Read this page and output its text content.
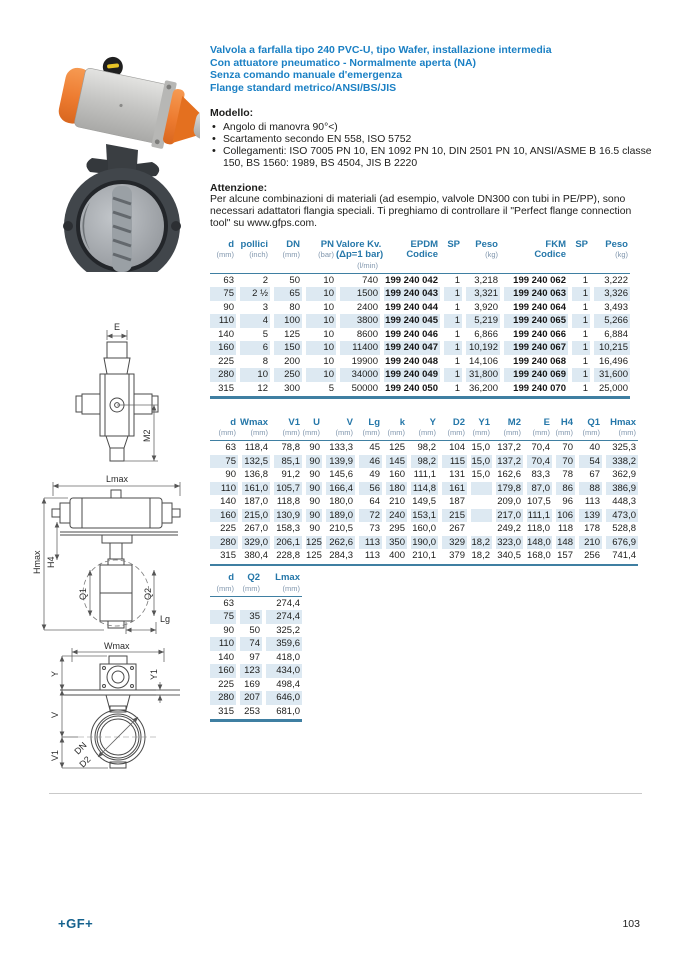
E
M2
Lmax
Hmax H4
Q1	Q2
Lg
Wmax
Y	Y1
V
V1 DN
D2
Valvola a farfalla tipo 240 PVC-U, tipo Wafer, installazione intermedia
Con attuatore pneumatico - Normalmente aperta (NA)
Senza comando manuale d'emergenza
Flange standard metrico/ANSI/BS/JIS
Modello:
• Angolo di manovra 90°<)
• Scartamento secondo EN 558, ISO 5752
• Collegamenti: ISO 7005 PN 10, EN 1092 PN 10, DIN 2501 PN 10, ANSI/ASME B 16.5 classe 150, BS 1560: 1989, BS 4504, JIS B 2220
Attenzione:
Per alcune combinazioni di materiali (ad esempio, valvole DN300 con tubi in PE/PP), sono necessari adattatori flangia speciali. Ti preghiamo di controllare il "Perfect flange connection tool" su www.gfps.com.
d
(mm)

pollici
(inch)

DN
(mm)

PN
(bar)

Valore Kv.
(Δp=1 bar)
(l/min)

EPDM
Codice

SP	Peso
(kg)

FKM
Codice

SP	Peso
(kg)

63	2	50	10	740	199 240 042	1	3,218	199 240 062	1	3,222
75	2 ½	65	10	1500	199 240 043	1	3,321	199 240 063	1	3,326
90	3	80	10	2400	199 240 044	1	3,920	199 240 064	1	3,493
110	4	100	10	3800	199 240 045	1	5,219	199 240 065	1	5,266
140	5	125	10	8600	199 240 046	1	6,866	199 240 066	1	6,884
160	6	150	10	11400	199 240 047	1	10,192	199 240 067	1	10,215
225	8	200	10	19900	199 240 048	1	14,106	199 240 068	1	16,496
280	10	250	10	34000	199 240 049	1	31,800	199 240 069	1	31,600
315	12	300	5	50000	199 240 050	1	36,200	199 240 070	1	25,000
d
(mm)

Wmax
(mm)

V1
(mm)

U
(mm)

V
(mm)

Lg
(mm)

k
(mm)

Y
(mm)

D2
(mm)

Y1
(mm)

M2
(mm)

E
(mm)

H4
(mm)

Q1
(mm)

Hmax
(mm)

63	118,4	78,8	90	133,3	45	125	98,2	104	15,0	137,2	70,4	70	40	325,3
75	132,5	85,1	90	139,9	46	145	98,2	115	15,0	137,2	70,4	70	54	338,2
90	136,8	91,2	90	145,6	49	160	111,1	131	15,0	162,6	83,3	78	67	362,9
110	161,0	105,7	90	166,4	56	180	114,8	161		179,8	87,0	86	88	386,9
140	187,0	118,8	90	180,0	64	210	149,5	187		209,0	107,5	96	113	448,3
160	215,0	130,9	90	189,0	72	240	153,1	215		217,0	111,1	106	139	473,0
225	267,0	158,3	90	210,5	73	295	160,0	267		249,2	118,0	118	178	528,8
280	329,0	206,1	125	262,6	113	350	190,0	329	18,2	323,0	148,0	148	210	676,9
315	380,4	228,8	125	284,3	113	400	210,1	379	18,2	340,5	168,0	157	256	741,4
d
(mm)

Q2
(mm)

Lmax
(mm)

63		274,4
75	35	274,4
90	50	325,2
110	74	359,6
140	97	418,0
160	123	434,0
225	169	498,4
280	207	646,0
315	253	681,0
+GF+	103
